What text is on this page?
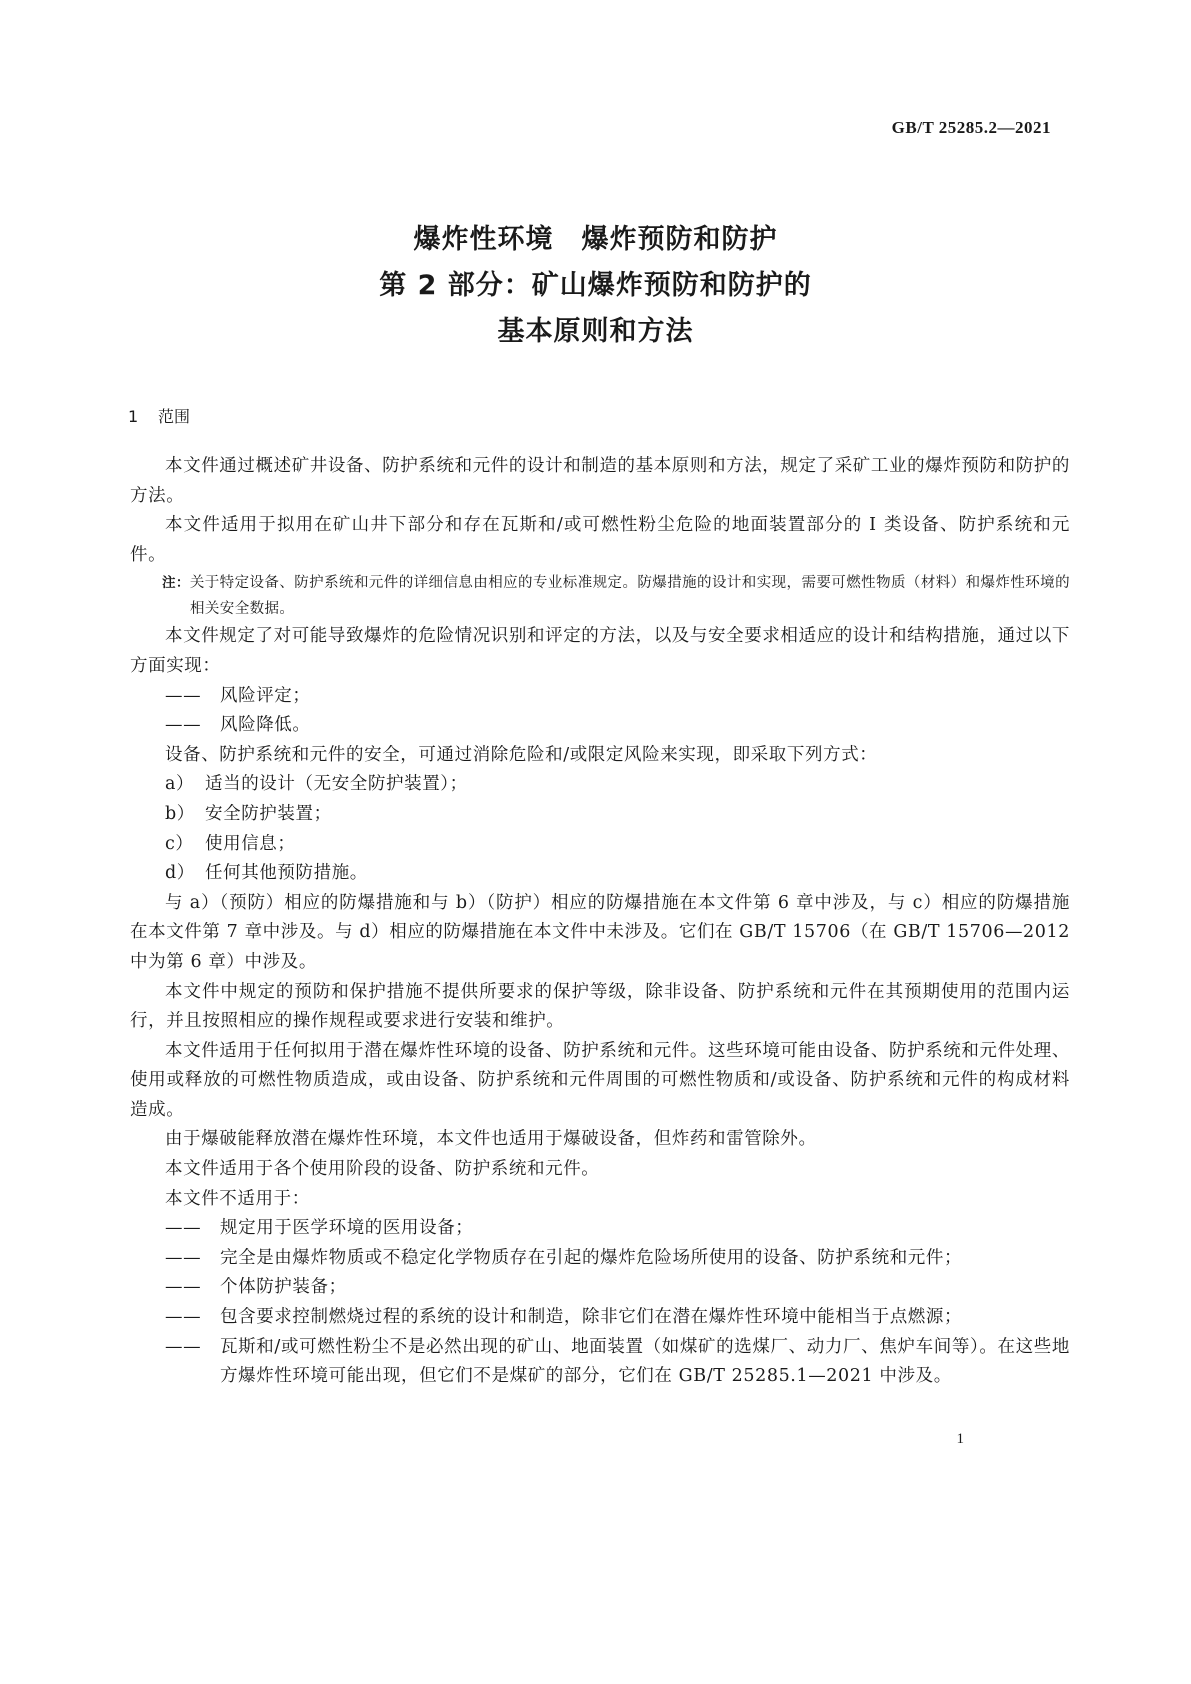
GB/T 25285.2—2021
爆炸性环境　爆炸预防和防护
第 2 部分：矿山爆炸预防和防护的
基本原则和方法
1 范围

本文件通过概述矿井设备、防护系统和元件的设计和制造的基本原则和方法，规定了采矿工业的爆炸预防和防护的方法。

本文件适用于拟用在矿山井下部分和存在瓦斯和/或可燃性粉尘危险的地面装置部分的 Ⅰ 类设备、防护系统和元件。

注：关于特定设备、防护系统和元件的详细信息由相应的专业标准规定。防爆措施的设计和实现，需要可燃性物质（材料）和爆炸性环境的相关安全数据。

本文件规定了对可能导致爆炸的危险情况识别和评定的方法，以及与安全要求相适应的设计和结构措施，通过以下方面实现：

—— 风险评定；

—— 风险降低。

设备、防护系统和元件的安全，可通过消除危险和/或限定风险来实现，即采取下列方式：

a） 适当的设计（无安全防护装置）；

b） 安全防护装置；

c） 使用信息；

d） 任何其他预防措施。

与 a）（预防）相应的防爆措施和与 b）（防护）相应的防爆措施在本文件第 6 章中涉及，与 c）相应的防爆措施在本文件第 7 章中涉及。与 d）相应的防爆措施在本文件中未涉及。它们在 GB/T 15706（在 GB/T 15706—2012 中为第 6 章）中涉及。

本文件中规定的预防和保护措施不提供所要求的保护等级，除非设备、防护系统和元件在其预期使用的范围内运行，并且按照相应的操作规程或要求进行安装和维护。

本文件适用于任何拟用于潜在爆炸性环境的设备、防护系统和元件。这些环境可能由设备、防护系统和元件处理、使用或释放的可燃性物质造成，或由设备、防护系统和元件周围的可燃性物质和/或设备、防护系统和元件的构成材料造成。

由于爆破能释放潜在爆炸性环境，本文件也适用于爆破设备，但炸药和雷管除外。

本文件适用于各个使用阶段的设备、防护系统和元件。

本文件不适用于：

—— 规定用于医学环境的医用设备；

—— 完全是由爆炸物质或不稳定化学物质存在引起的爆炸危险场所使用的设备、防护系统和元件；

—— 个体防护装备；

—— 包含要求控制燃烧过程的系统的设计和制造，除非它们在潜在爆炸性环境中能相当于点燃源；

—— 瓦斯和/或可燃性粉尘不是必然出现的矿山、地面装置（如煤矿的选煤厂、动力厂、焦炉车间等）。在这些地方爆炸性环境可能出现，但它们不是煤矿的部分，它们在 GB/T 25285.1—2021 中涉及。

1
